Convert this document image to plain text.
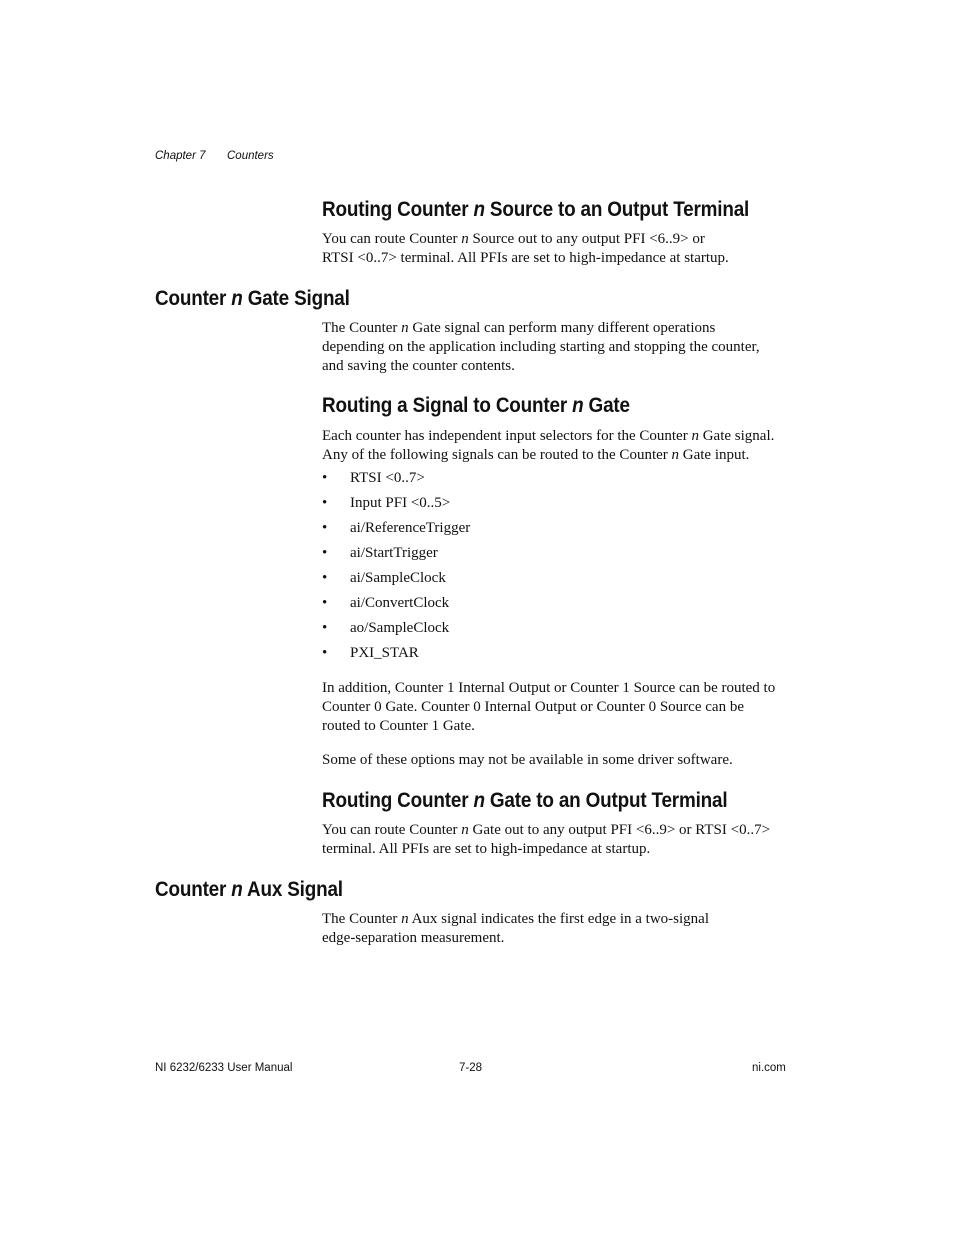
Chapter 7 Counters
Routing Counter n Source to an Output Terminal
You can route Counter n Source out to any output PFI <6..9> or
RTSI <0..7> terminal. All PFIs are set to high-impedance at startup.
Counter n Gate Signal
The Counter n Gate signal can perform many different operations
depending on the application including starting and stopping the counter,
and saving the counter contents.
Routing a Signal to Counter n Gate
Each counter has independent input selectors for the Counter n Gate signal.
Any of the following signals can be routed to the Counter n Gate input.
• RTSI <0..7>
• Input PFI <0..5>
• ai/ReferenceTrigger
• ai/StartTrigger
• ai/SampleClock
• ai/ConvertClock
• ao/SampleClock
• PXI_STAR
In addition, Counter 1 Internal Output or Counter 1 Source can be routed to
Counter 0 Gate. Counter 0 Internal Output or Counter 0 Source can be
routed to Counter 1 Gate.
Some of these options may not be available in some driver software.
Routing Counter n Gate to an Output Terminal
You can route Counter n Gate out to any output PFI <6..9> or RTSI <0..7>
terminal. All PFIs are set to high-impedance at startup.
Counter n Aux Signal
The Counter n Aux signal indicates the first edge in a two-signal
edge-separation measurement.
NI 6232/6233 User Manual	7-28	ni.com
